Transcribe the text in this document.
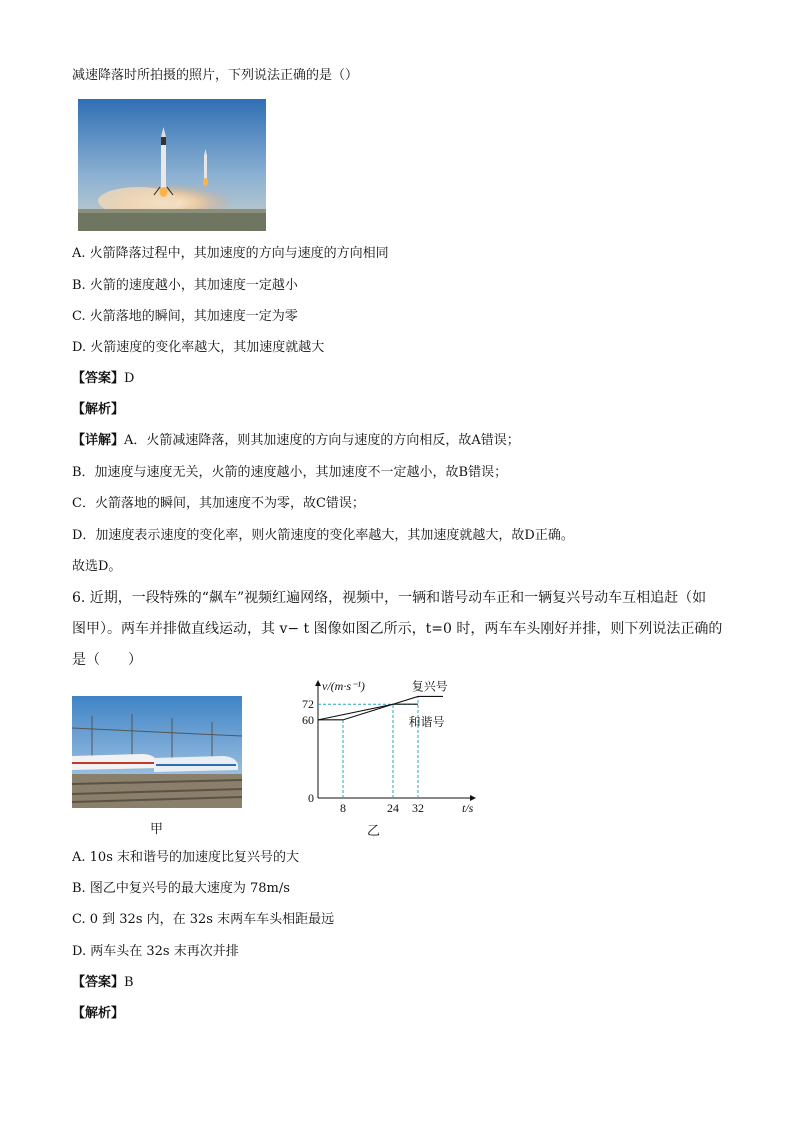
减速降落时所拍摄的照片，下列说法正确的是（）
A. 火箭降落过程中，其加速度的方向与速度的方向相同
B. 火箭的速度越小，其加速度一定越小
C. 火箭落地的瞬间，其加速度一定为零
D. 火箭速度的变化率越大，其加速度就越大
【答案】D
【解析】
【详解】A．火箭减速降落，则其加速度的方向与速度的方向相反，故A错误；
B．加速度与速度无关，火箭的速度越小，其加速度不一定越小，故B错误；
C．火箭落地的瞬间，其加速度不为零，故C错误；
D．加速度表示速度的变化率，则火箭速度的变化率越大，其加速度就越大，故D正确。
故选D。
6. 近期，一段特殊的“飙车”视频红遍网络，视频中，一辆和谐号动车正和一辆复兴号动车互相追赶（如
图甲）。两车并排做直线运动，其 v− t 图像如图乙所示，t=0 时，两车车头刚好并排，则下列说法正确的
是（　　）
甲
8	24 32
0
60
72
复兴号
和谐号
v/(m·s⁻¹)
t/s
乙
A. 10s 末和谐号的加速度比复兴号的大
B. 图乙中复兴号的最大速度为 78m/s
C. 0 到 32s 内，在 32s 末两车车头相距最远
D. 两车头在 32s 末再次并排
【答案】B
【解析】
